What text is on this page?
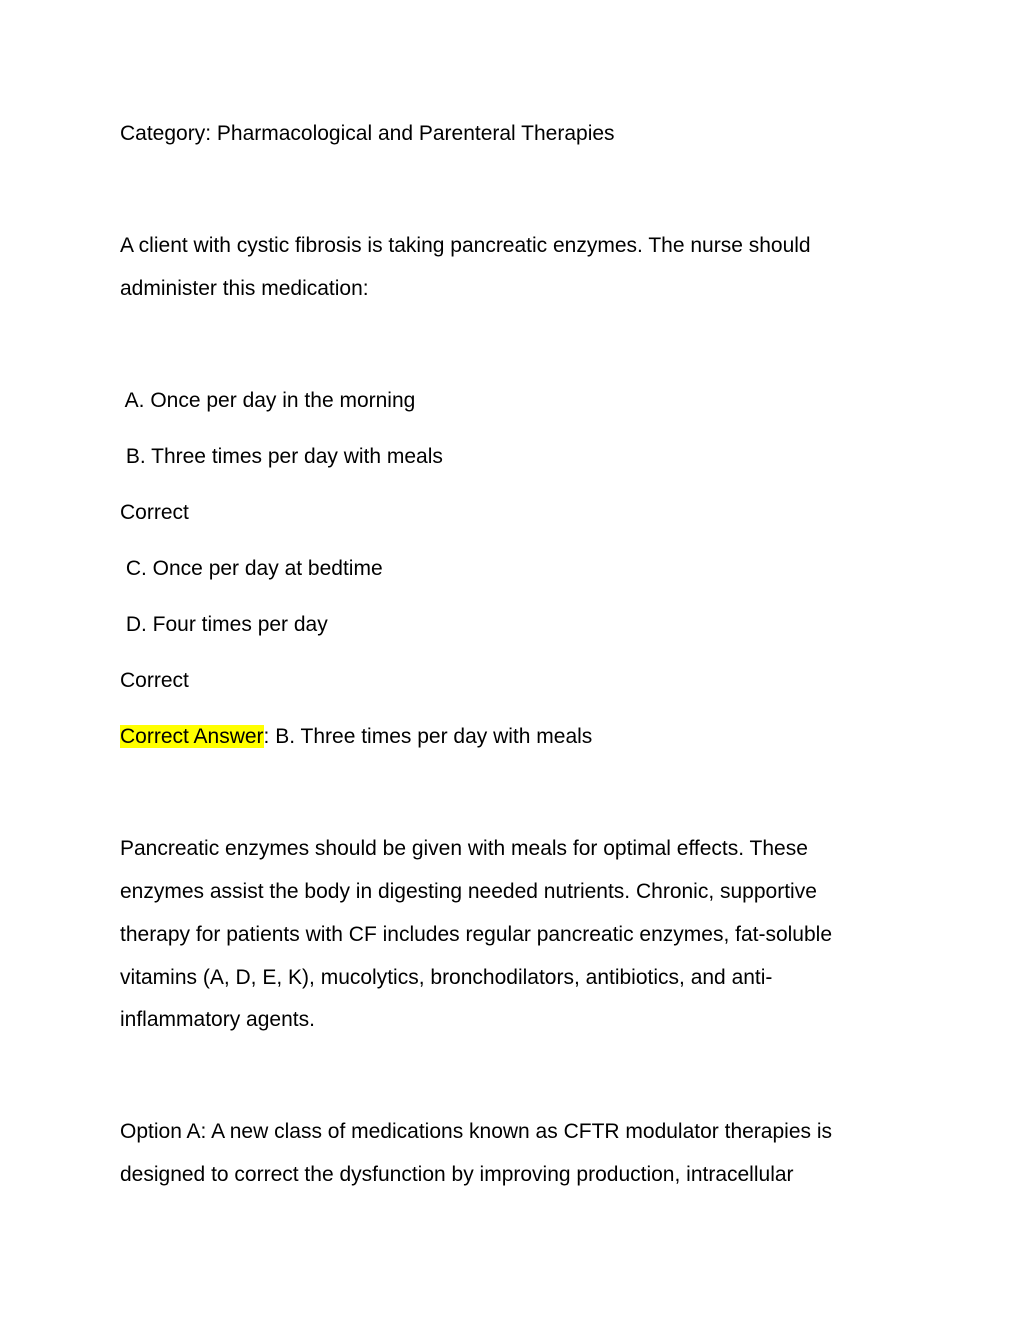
Category: Pharmacological and Parenteral Therapies
A client with cystic fibrosis is taking pancreatic enzymes. The nurse should
administer this medication:
A. Once per day in the morning
B. Three times per day with meals
Correct
C. Once per day at bedtime
D. Four times per day
Correct
Correct Answer: B. Three times per day with meals
Pancreatic enzymes should be given with meals for optimal effects. These
enzymes assist the body in digesting needed nutrients. Chronic, supportive
therapy for patients with CF includes regular pancreatic enzymes, fat-soluble
vitamins (A, D, E, K), mucolytics, bronchodilators, antibiotics, and anti-
inflammatory agents.
Option A: A new class of medications known as CFTR modulator therapies is
designed to correct the dysfunction by improving production, intracellular
